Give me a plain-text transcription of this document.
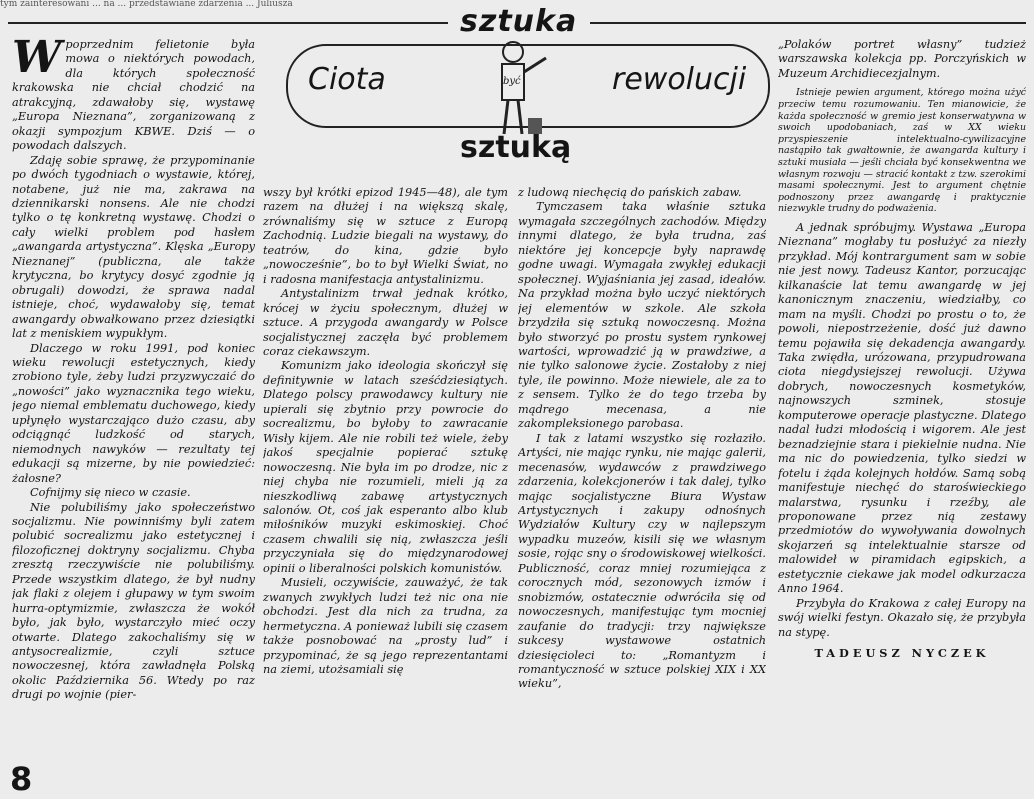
tym zainteresowani ... na ... przedstawiane zdarzenia ... Juliusza	sztuka
Ciota	być	rewolucji
sztuką

Wpoprzednim felietonie była mowa o niektórych powodach, dla których społeczność krakowska nie chciał chodzić na atrakcyjną, zdawałoby się, wystawę „Europa Nieznana”, zorganizowaną z okazji sympozjum KBWE. Dziś — o powodach dalszych.

Zdaję sobie sprawę, że przypominanie po dwóch tygodniach o wystawie, której, notabene, już nie ma, zakrawa na dziennikarski nonsens. Ale nie chodzi tylko o tę konkretną wystawę. Chodzi o cały wielki problem pod hasłem „awangarda artystyczna”. Klęska „Europy Nieznanej” (publiczna, ale także krytyczna, bo krytycy dosyć zgodnie ją obrugali) dowodzi, że sprawa nadal istnieje, choć, wydawałoby się, temat awangardy obwałkowano przez dziesiątki lat z meniskiem wypukłym.

Dlaczego w roku 1991, pod koniec wieku rewolucji estetycznych, kiedy zrobiono tyle, żeby ludzi przyzwyczaić do „nowości” jako wyznacznika tego wieku, jego niemal emblematu duchowego, kiedy upłynęło wystarczająco dużo czasu, aby odciągnąć ludzkość od starych, niemodnych nawyków — rezultaty tej edukacji są mizerne, by nie powiedzieć: żałosne?

Cofnijmy się nieco w czasie.

Nie polubiliśmy jako społeczeństwo socjalizmu. Nie powinniśmy byli zatem polubić socrealizmu jako estetycznej i filozoficznej doktryny socjalizmu. Chyba zresztą rzeczywiście nie polubiliśmy. Przede wszystkim dlatego, że był nudny jak flaki z olejem i głupawy w tym swoim hurra-optymizmie, zwłaszcza że wokół było, jak było, wystarczyło mieć oczy otwarte. Dlatego zakochaliśmy się w antysocrealizmie, czyli sztuce nowoczesnej, która zawładnęła Polską okolic Października 56. Wtedy po raz drugi po wojnie (pier-

wszy był krótki epizod 1945—48), ale tym razem na dłużej i na większą skalę, zrównaliśmy się w sztuce z Europą Zachodnią. Ludzie biegali na wystawy, do teatrów, do kina, gdzie było „nowocześnie”, bo to był Wielki Świat, no i radosna manifestacja antystalinizmu.

Antystalinizm trwał jednak krótko, krócej w życiu społecznym, dłużej w sztuce. A przygoda awangardy w Polsce socjalistycznej zaczęła być problemem coraz ciekawszym.

Komunizm jako ideologia skończył się definitywnie w latach sześćdziesiątych. Dlatego polscy prawodawcy kultury nie upierali się zbytnio przy powrocie do socrealizmu, bo byłoby to zawracanie Wisły kijem. Ale nie robili też wiele, żeby jakoś specjalnie popierać sztukę nowoczesną. Nie była im po drodze, nic z niej chyba nie rozumieli, mieli ją za nieszkodliwą zabawę artystycznych salonów. Ot, coś jak esperanto albo klub miłośników muzyki eskimoskiej. Choć czasem chwalili się nią, zwłaszcza jeśli przyczyniała się do międzynarodowej opinii o liberalności polskich komunistów.

Musieli, oczywiście, zauważyć, że tak zwanych zwykłych ludzi też nic ona nie obchodzi. Jest dla nich za trudna, za hermetyczna. A ponieważ lubili się czasem także posnobować na „prosty lud” i przypominać, że są jego reprezentantami na ziemi, utożsamiali się

z ludową niechęcią do pańskich zabaw.

Tymczasem taka właśnie sztuka wymagała szczególnych zachodów. Między innymi dlatego, że była trudna, zaś niektóre jej koncepcje były naprawdę godne uwagi. Wymagała zwykłej edukacji społecznej. Wyjaśniania jej zasad, ideałów. Na przykład można było uczyć niektórych jej elementów w szkole. Ale szkoła brzydziła się sztuką nowoczesną. Można było stworzyć po prostu system rynkowej wartości, wprowadzić ją w prawdziwe, a nie tylko salonowe życie. Zostałoby z niej tyle, ile powinno. Może niewiele, ale za to z sensem. Tylko że do tego trzeba by mądrego mecenasa, a nie zakompleksionego parobasa.

I tak z latami wszystko się rozłaziło. Artyści, nie mając rynku, nie mając galerii, mecenasów, wydawców z prawdziwego zdarzenia, kolekcjonerów i tak dalej, tylko mając socjalistyczne Biura Wystaw Artystycznych i zakupy odnośnych Wydziałów Kultury czy w najlepszym wypadku muzeów, kisili się we własnym sosie, rojąc sny o środowiskowej wielkości. Publiczność, coraz mniej rozumiejąca z corocznych mód, sezonowych izmów i snobizmów, ostatecznie odwróciła się od nowoczesnych, manifestując tym mocniej zaufanie do tradycji: trzy największe sukcesy wystawowe ostatnich dziesięcioleci to: „Romantyzm i romantyczność w sztuce polskiej XIX i XX wieku”,

„Polaków portret własny” tudzież warszawska kolekcja pp. Porczyńskich w Muzeum Archidiecezjalnym.

Istnieje pewien argument, którego można użyć przeciw temu rozumowaniu. Ten mianowicie, że każda społeczność w gremio jest konserwatywna w swoich upodobaniach, zaś w XX wieku przyspieszenie intelektualno-cywilizacyjne nastąpiło tak gwałtownie, że awangarda kultury i sztuki musiała — jeśli chciała być konsekwentna we własnym rozwoju — stracić kontakt z tzw. szerokimi masami społecznymi. Jest to argument chętnie podnoszony przez awangardę i praktycznie niezwykle trudny do podważenia.

A jednak spróbujmy. Wystawa „Europa Nieznana” mogłaby tu posłużyć za niezły przykład. Mój kontrargument sam w sobie nie jest nowy. Tadeusz Kantor, porzucając kilkanaście lat temu awangardę w jej kanonicznym znaczeniu, wiedziałby, co mam na myśli. Chodzi po prostu o to, że powoli, niepostrzeżenie, dość już dawno temu pojawiła się dekadencja awangardy. Taka zwiędła, urózowana, przypudrowana ciota niegdysiejszej rewolucji. Używa dobrych, nowoczesnych kosmetyków, najnowszych szminek, stosuje komputerowe operacje plastyczne. Dlatego nadal łudzi młodością i wigorem. Ale jest beznadziejnie stara i piekielnie nudna. Nie ma nic do powiedzenia, tylko siedzi w fotelu i żąda kolejnych hołdów. Samą sobą manifestuje niechęć do staroświeckiego malarstwa, rysunku i rzeźby, ale proponowane przez nią zestawy przedmiotów do wywoływania dowolnych skojarzeń są intelektualnie starsze od malowideł w piramidach egipskich, a estetycznie ciekawe jak model odkurzacza Anno 1964.

Przybyła do Krakowa z całej Europy na swój wielki festyn. Okazało się, że przybyła na stypę.

TADEUSZ NYCZEK

8
